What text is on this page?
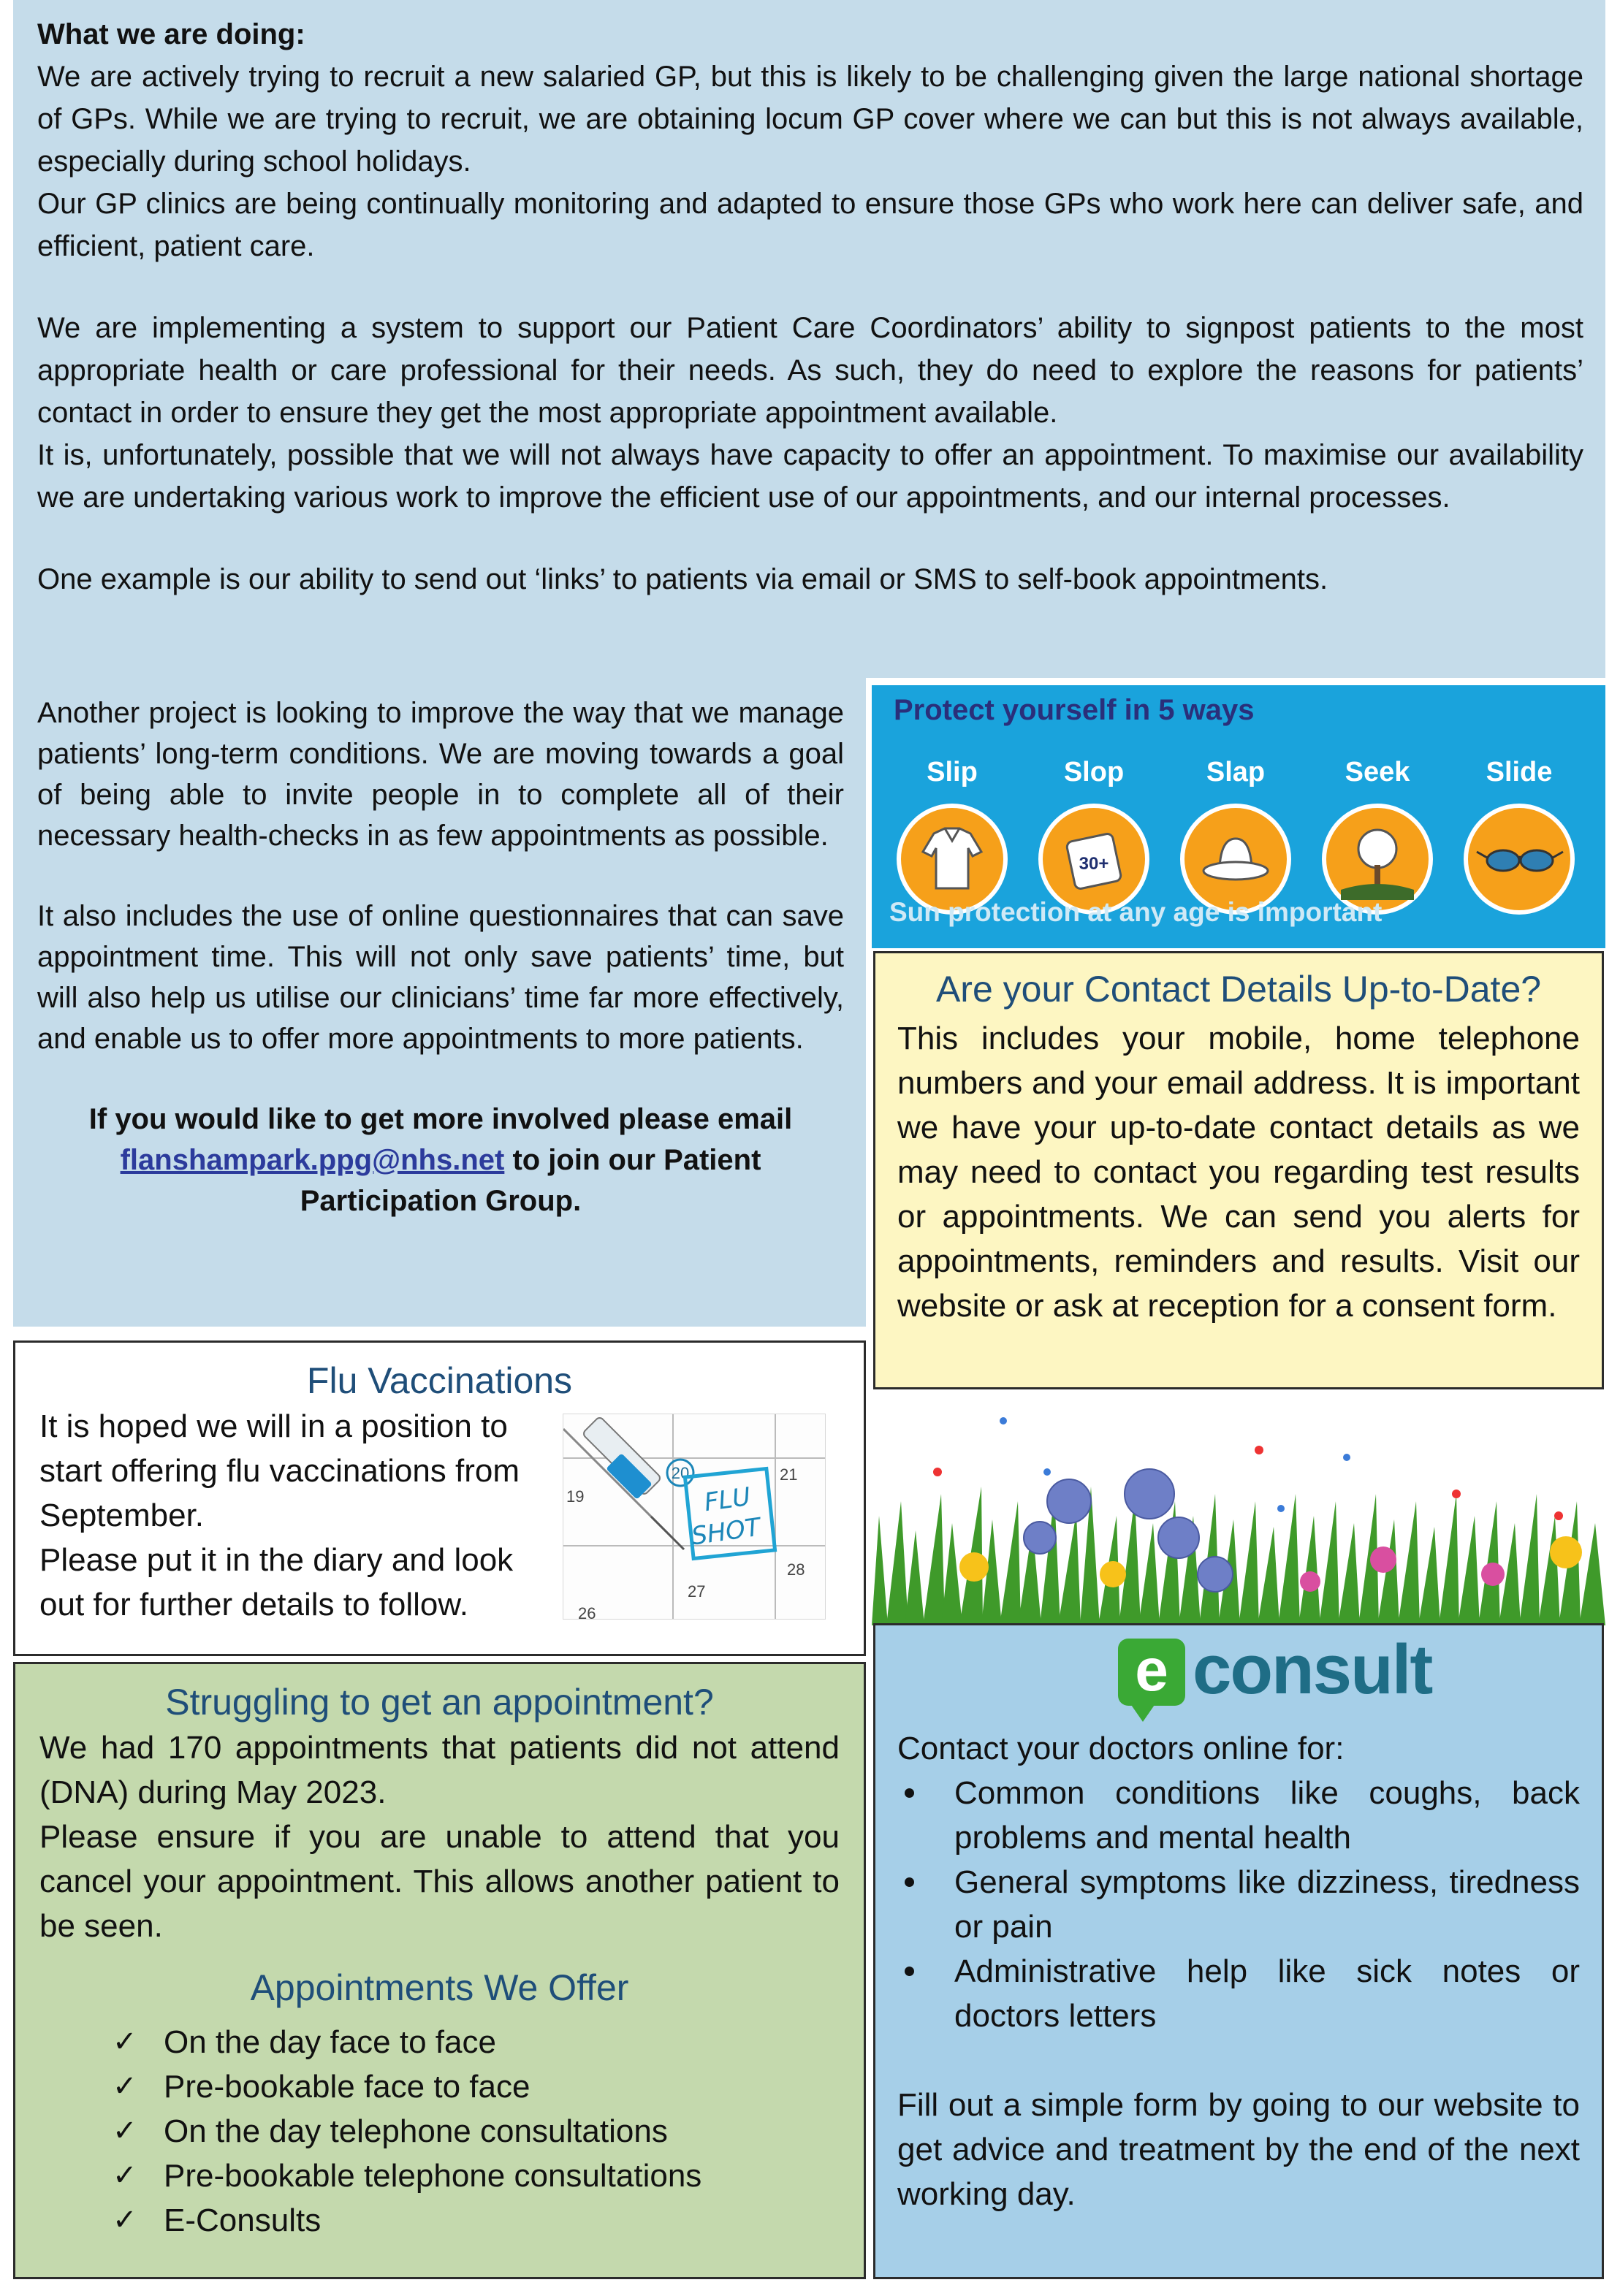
What we are doing:

We are actively trying to recruit a new salaried GP, but this is likely to be challenging given the large national shortage of GPs. While we are trying to recruit, we are obtaining locum GP cover where we can but this is not always available, especially during school holidays.

Our GP clinics are being continually monitoring and adapted to ensure those GPs who work here can deliver safe, and efficient, patient care.

We are implementing a system to support our Patient Care Coordinators’ ability to signpost patients to the most appropriate health or care professional for their needs. As such, they do need to explore the reasons for patients’ contact in order to ensure they get the most appropriate appointment available.

It is, unfortunately, possible that we will not always have capacity to offer an appointment. To maximise our availability we are undertaking various work to improve the efficient use of our appointments, and our internal processes.

One example is our ability to send out ‘links’ to patients via email or SMS to self-book appointments.

Another project is looking to improve the way that we manage patients’ long-term conditions. We are moving towards a goal of being able to invite people in to complete all of their necessary health-checks in as few appointments as possible.

It also includes the use of online questionnaires that can save appointment time. This will not only save patients’ time, but will also help us utilise our clinicians’ time far more effectively, and enable us to offer more appointments to more patients.

If you would like to get more involved please email
flanshampark.ppg@nhs.net to join our Patient Participation Group.

Protect yourself in 5 ways
Slip	Slop	Slap	Seek	Slide
30+
Sun protection at any age is important
Are your Contact Details Up-to-Date?

This includes your mobile, home telephone numbers and your email address. It is important we have your up-to-date contact details as we may need to contact you regarding test results or appointments. We can send you alerts for appointments, reminders and results. Visit our website or ask at reception for a consent form.

Flu Vaccinations

It is hoped we will in a position to start offering flu vaccinations from September.

Please put it in the diary and look out for further details to follow.

21
19
27
28
26
20
FLU
SHOT
Struggling to get an appointment?

We had 170 appointments that patients did not attend (DNA) during May 2023.

Please ensure if you are unable to attend that you cancel your appointment. This allows another patient to be seen.

Appointments We Offer
✓ On the day face to face
✓ Pre-bookable face to face
✓ On the day telephone consultations
✓ Pre-bookable telephone consultations
✓ E-Consults
e consult

Contact your doctors online for:

Common conditions like coughs, back problems and mental health
General symptoms like dizziness, tiredness or pain
Administrative help like sick notes or doctors letters

Fill out a simple form by going to our website to get advice and treatment by the end of the next working day.
